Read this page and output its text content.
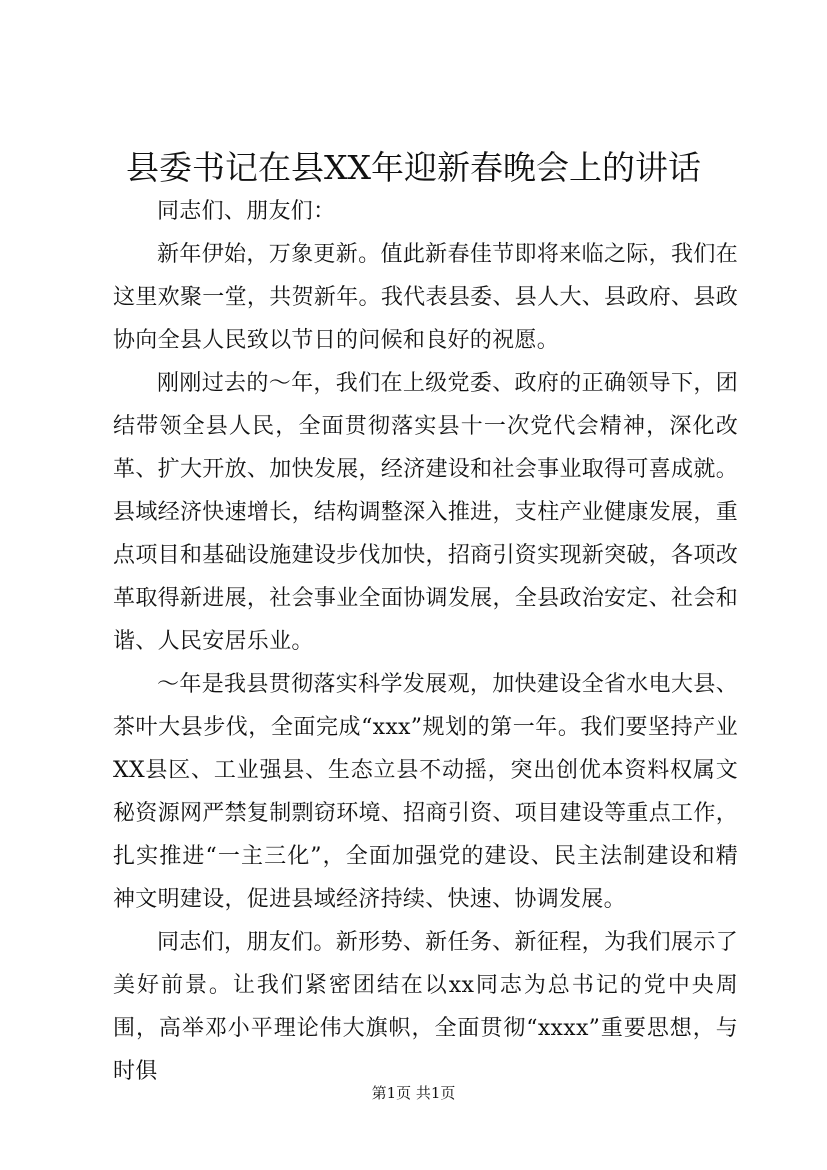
县委书记在县XX年迎新春晚会上的讲话

同志们、朋友们：

新年伊始，万象更新。值此新春佳节即将来临之际，我们在这里欢聚一堂，共贺新年。我代表县委、县人大、县政府、县政协向全县人民致以节日的问候和良好的祝愿。

刚刚过去的～年，我们在上级党委、政府的正确领导下，团结带领全县人民，全面贯彻落实县十一次党代会精神，深化改革、扩大开放、加快发展，经济建设和社会事业取得可喜成就。县域经济快速增长，结构调整深入推进，支柱产业健康发展，重点项目和基础设施建设步伐加快，招商引资实现新突破，各项改革取得新进展，社会事业全面协调发展，全县政治安定、社会和谐、人民安居乐业。

～年是我县贯彻落实科学发展观，加快建设全省水电大县、茶叶大县步伐，全面完成“xxx”规划的第一年。我们要坚持产业XX县区、工业强县、生态立县不动摇，突出创优本资料权属文秘资源网严禁复制剽窃环境、招商引资、项目建设等重点工作，扎实推进“一主三化”，全面加强党的建设、民主法制建设和精神文明建设，促进县域经济持续、快速、协调发展。

同志们，朋友们。新形势、新任务、新征程，为我们展示了美好前景。让我们紧密团结在以xx同志为总书记的党中央周围，高举邓小平理论伟大旗帜，全面贯彻“xxxx”重要思想，与时俱

第1页 共1页
